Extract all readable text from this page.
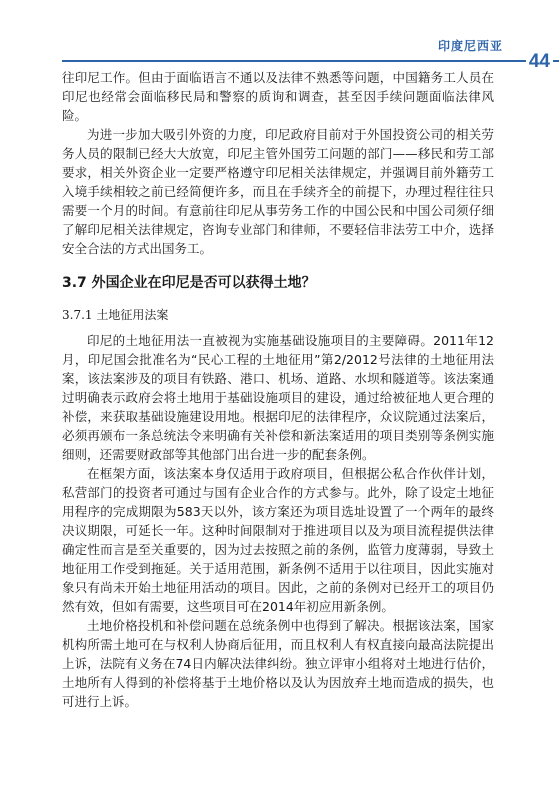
印度尼西亚
44

往印尼工作。但由于面临语言不通以及法律不熟悉等问题，中国籍务工人员在印尼也经常会面临移民局和警察的质询和调查，甚至因手续问题面临法律风险。

为进一步加大吸引外资的力度，印尼政府目前对于外国投资公司的相关劳务人员的限制已经大大放宽，印尼主管外国劳工问题的部门——移民和劳工部要求，相关外资企业一定要严格遵守印尼相关法律规定，并强调目前外籍劳工入境手续相较之前已经简便许多，而且在手续齐全的前提下，办理过程往往只需要一个月的时间。有意前往印尼从事劳务工作的中国公民和中国公司须仔细了解印尼相关法律规定，咨询专业部门和律师，不要轻信非法劳工中介，选择安全合法的方式出国务工。

3.7 外国企业在印尼是否可以获得土地？
3.7.1 土地征用法案

印尼的土地征用法一直被视为实施基础设施项目的主要障碍。2011年12月，印尼国会批准名为“民心工程的土地征用”第2/2012号法律的土地征用法案，该法案涉及的项目有铁路、港口、机场、道路、水坝和隧道等。该法案通过明确表示政府会将土地用于基础设施项目的建设，通过给被征地人更合理的补偿，来获取基础设施建设用地。根据印尼的法律程序，众议院通过法案后，必须再颁布一条总统法令来明确有关补偿和新法案适用的项目类别等条例实施细则，还需要财政部等其他部门出台进一步的配套条例。

在框架方面，该法案本身仅适用于政府项目，但根据公私合作伙伴计划，私营部门的投资者可通过与国有企业合作的方式参与。此外，除了设定土地征用程序的完成期限为583天以外，该方案还为项目选址设置了一个两年的最终决议期限，可延长一年。这种时间限制对于推进项目以及为项目流程提供法律确定性而言是至关重要的，因为过去按照之前的条例，监管力度薄弱，导致土地征用工作受到拖延。关于适用范围，新条例不适用于以往项目，因此实施对象只有尚未开始土地征用活动的项目。因此，之前的条例对已经开工的项目仍然有效，但如有需要，这些项目可在2014年初应用新条例。

土地价格投机和补偿问题在总统条例中也得到了解决。根据该法案，国家机构所需土地可在与权利人协商后征用，而且权利人有权直接向最高法院提出上诉，法院有义务在74日内解决法律纠纷。独立评审小组将对土地进行估价，土地所有人得到的补偿将基于土地价格以及认为因放弃土地而造成的损失，也可进行上诉。
